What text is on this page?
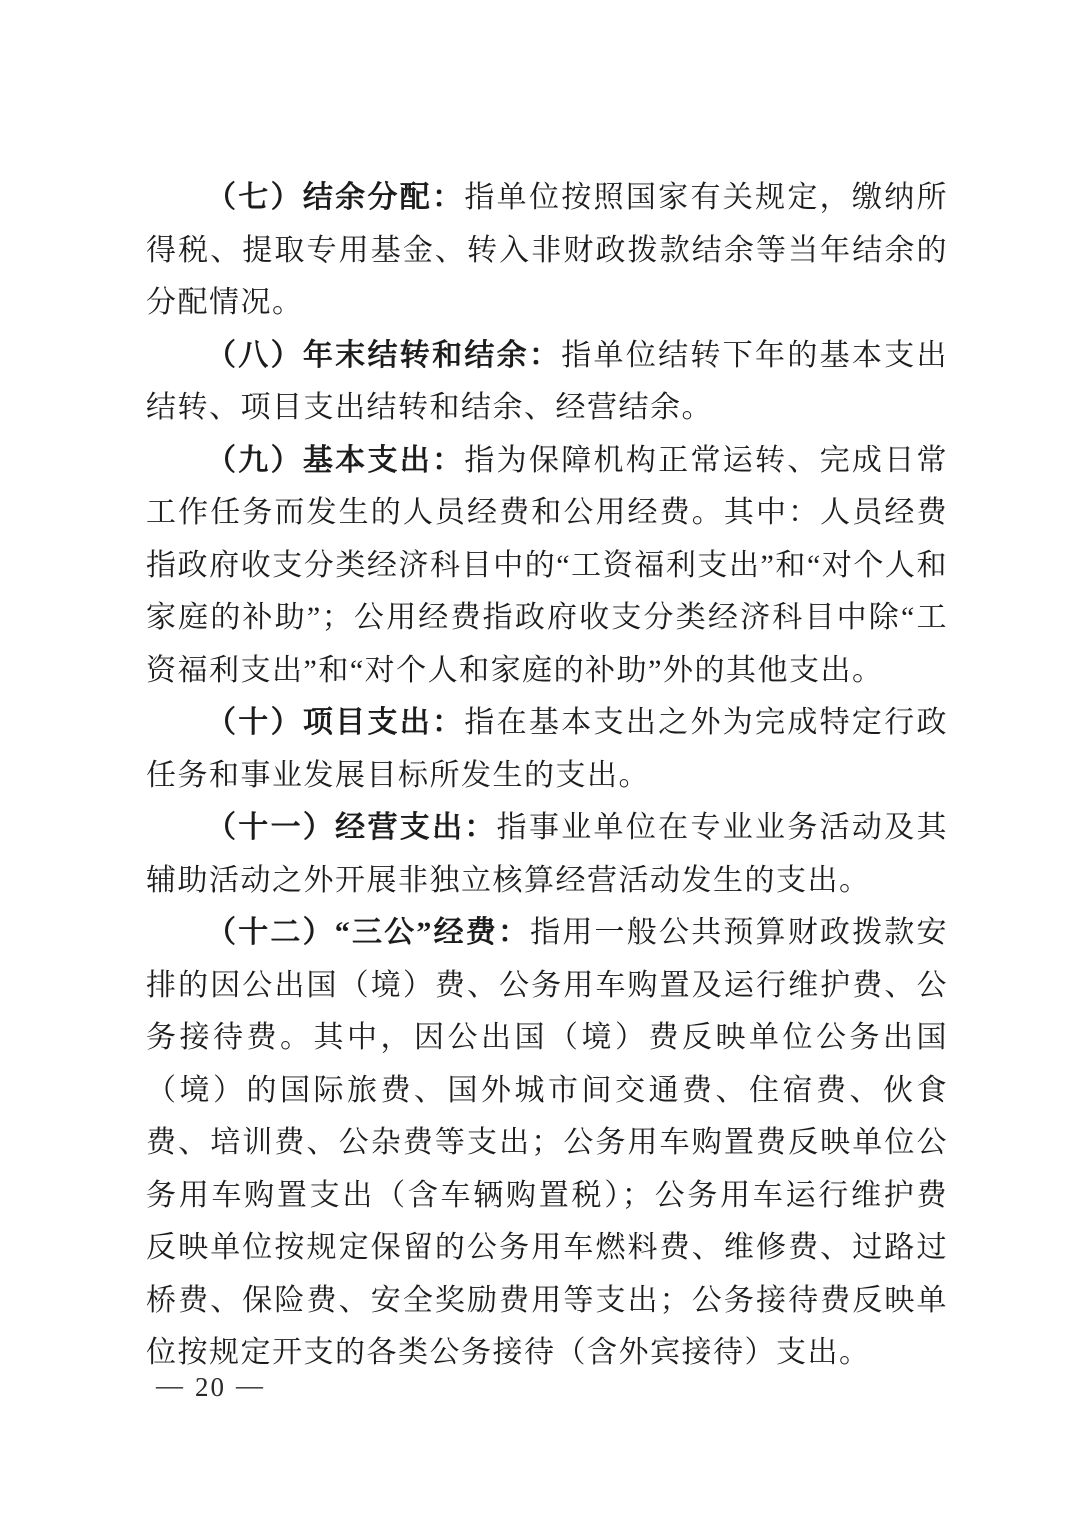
（七）结余分配：指单位按照国家有关规定，缴纳所得税、提取专用基金、转入非财政拨款结余等当年结余的分配情况。

（八）年末结转和结余：指单位结转下年的基本支出结转、项目支出结转和结余、经营结余。

（九）基本支出：指为保障机构正常运转、完成日常工作任务而发生的人员经费和公用经费。其中：人员经费指政府收支分类经济科目中的“工资福利支出”和“对个人和家庭的补助”；公用经费指政府收支分类经济科目中除“工资福利支出”和“对个人和家庭的补助”外的其他支出。

（十）项目支出：指在基本支出之外为完成特定行政任务和事业发展目标所发生的支出。

（十一）经营支出：指事业单位在专业业务活动及其辅助活动之外开展非独立核算经营活动发生的支出。

（十二）“三公”经费：指用一般公共预算财政拨款安排的因公出国（境）费、公务用车购置及运行维护费、公务接待费。其中，因公出国（境）费反映单位公务出国（境）的国际旅费、国外城市间交通费、住宿费、伙食费、培训费、公杂费等支出；公务用车购置费反映单位公务用车购置支出（含车辆购置税）；公务用车运行维护费反映单位按规定保留的公务用车燃料费、维修费、过路过桥费、保险费、安全奖励费用等支出；公务接待费反映单位按规定开支的各类公务接待（含外宾接待）支出。

— 20 —
